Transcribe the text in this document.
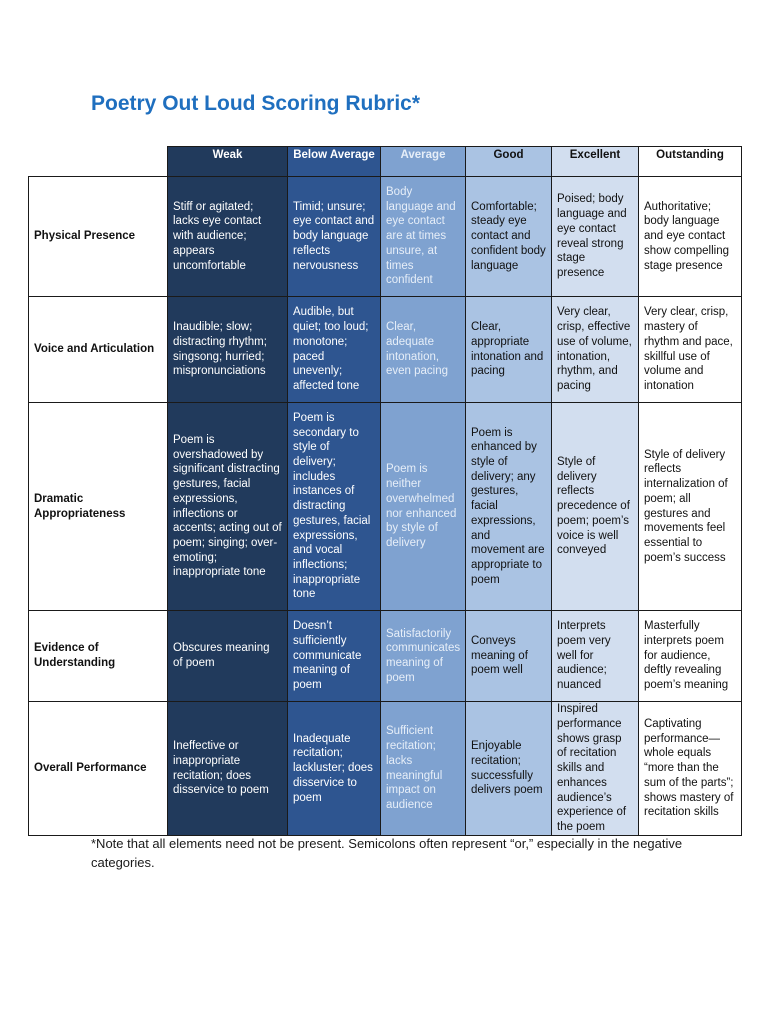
Poetry Out Loud Scoring Rubric*
	Weak	Below Average	Average	Good	Excellent	Outstanding
Physical Presence	Stiff or agitated; lacks eye contact with audience; appears uncomfortable	Timid; unsure; eye contact and body language reflects nervousness	Body language and eye contact are at times unsure, at times confident	Comfortable; steady eye contact and confident body language	Poised; body language and eye contact reveal strong stage presence	Authoritative; body language and eye contact show compelling stage presence
Voice and Articulation	Inaudible; slow; distracting rhythm; singsong; hurried; mispronunciations	Audible, but quiet; too loud; monotone; paced unevenly; affected tone	Clear, adequate intonation, even pacing	Clear, appropriate intonation and pacing	Very clear, crisp, effective use of volume, intonation, rhythm, and pacing	Very clear, crisp, mastery of rhythm and pace, skillful use of volume and intonation
Dramatic Appropriateness	Poem is overshadowed by significant distracting gestures, facial expressions, inflections or accents; acting out of poem; singing; over-emoting; inappropriate tone	Poem is secondary to style of delivery; includes instances of distracting gestures, facial expressions, and vocal inflections; inappropriate tone	Poem is neither overwhelmed nor enhanced by style of delivery	Poem is enhanced by style of delivery; any gestures, facial expressions, and movement are appropriate to poem	Style of delivery reflects precedence of poem; poem’s voice is well conveyed	Style of delivery reflects internalization of poem; all gestures and movements feel essential to poem’s success
Evidence of Understanding	Obscures meaning of poem	Doesn’t sufficiently communicate meaning of poem	Satisfactorily communicates meaning of poem	Conveys meaning of poem well	Interprets poem very well for audience; nuanced	Masterfully interprets poem for audience, deftly revealing poem’s meaning
Overall Performance	Ineffective or inappropriate recitation; does disservice to poem	Inadequate recitation; lackluster; does disservice to poem	Sufficient recitation; lacks meaningful impact on audience	Enjoyable recitation; successfully delivers poem	Inspired performance shows grasp of recitation skills and enhances audience’s experience of the poem	Captivating performance—whole equals “more than the sum of the parts”; shows mastery of recitation skills
*Note that all elements need not be present. Semicolons often represent “or,” especially in the negative categories.
